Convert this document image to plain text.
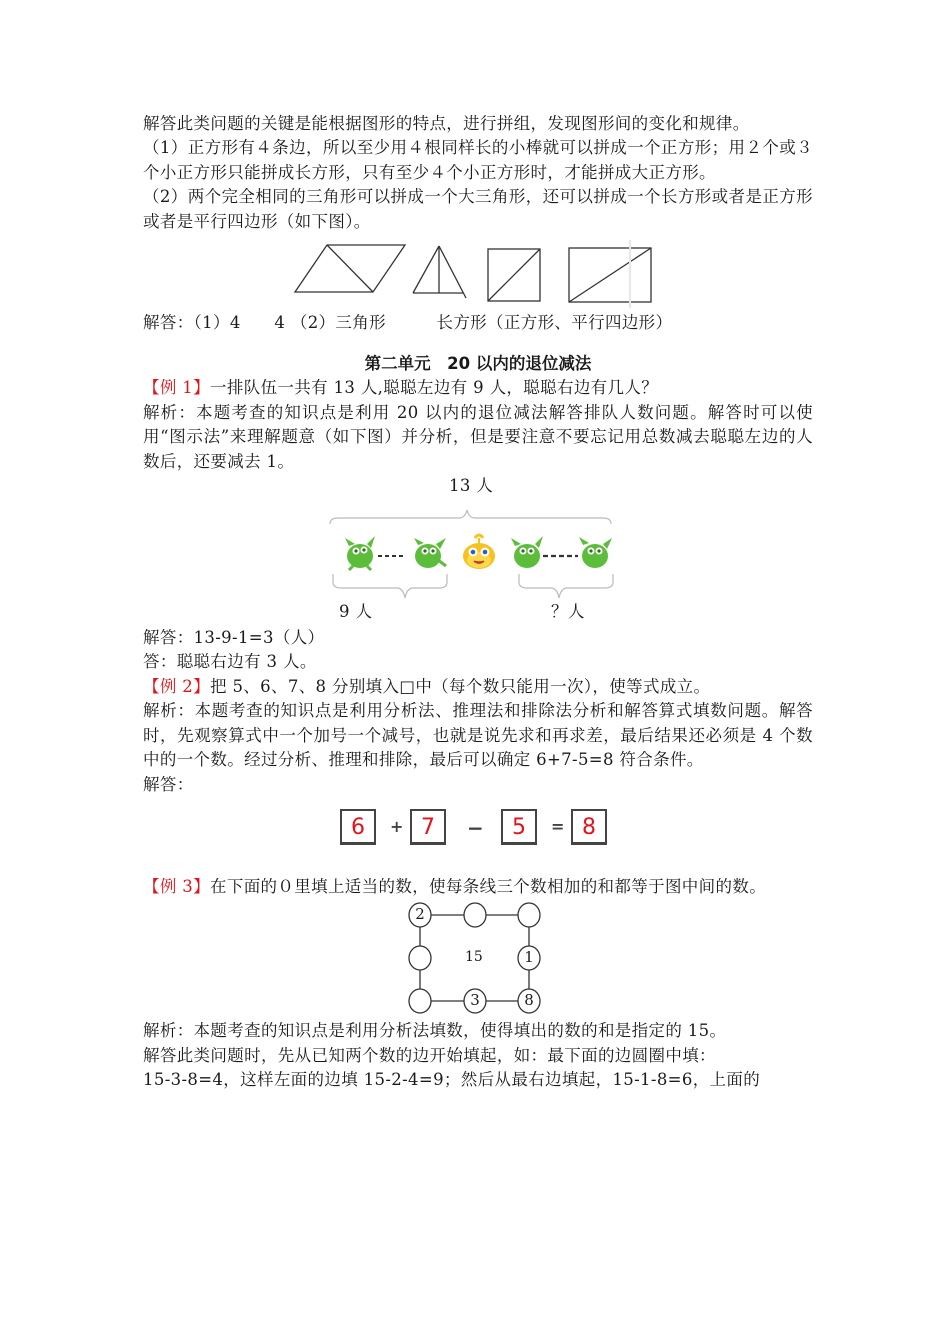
解答此类问题的关键是能根据图形的特点，进行拼组，发现图形间的变化和规律。

（1）正方形有４条边，所以至少用４根同样长的小棒就可以拼成一个正方形；用２个或３个小正方形只能拼成长方形，只有至少４个小正方形时，才能拼成大正方形。

（2）两个完全相同的三角形可以拼成一个大三角形，还可以拼成一个长方形或者是正方形或者是平行四边形（如下图）。

解答：（1）4　　4 （2）三角形　　　长方形（正方形、平行四边形）

第二单元　20 以内的退位减法

【例 1】一排队伍一共有 13 人,聪聪左边有 9 人，聪聪右边有几人？

解析：本题考查的知识点是利用 20 以内的退位减法解答排队人数问题。解答时可以使用“图示法”来理解题意（如下图）并分析，但是要注意不要忘记用总数减去聪聪左边的人数后，还要减去 1。

13 人
9 人	？人

解答：13-9-1=3（人）

答：聪聪右边有 3 人。

【例 2】把 5、6、7、8 分别填入□中（每个数只能用一次），使等式成立。

解析：本题考查的知识点是利用分析法、推理法和排除法分析和解答算式填数问题。解答时，先观察算式中一个加号一个减号，也就是说先求和再求差，最后结果还必须是 4 个数中的一个数。经过分析、推理和排除，最后可以确定 6+7-5=8 符合条件。

解答：

6	+ 7	−	5	= 8

【例 3】在下面的０里填上适当的数，使每条线三个数相加的和都等于图中间的数。

2
1
3	8
15

解析：本题考查的知识点是利用分析法填数，使得填出的数的和是指定的 15。

解答此类问题时，先从已知两个数的边开始填起，如：最下面的边圆圈中填：

15-3-8=4，这样左面的边填 15-2-4=9；然后从最右边填起，15-1-8=6，上面的
